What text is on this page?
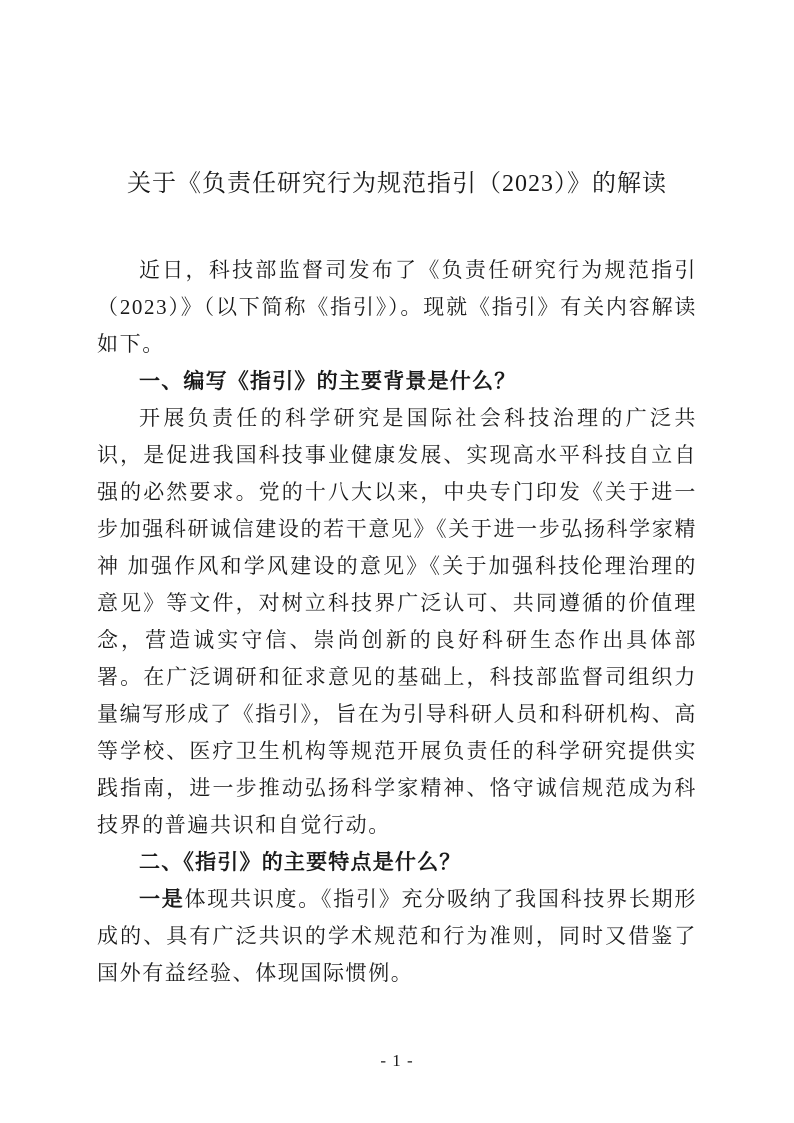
关于《负责任研究行为规范指引（2023）》的解读

近日，科技部监督司发布了《负责任研究行为规范指引（2023）》（以下简称《指引》）。现就《指引》有关内容解读如下。

一、编写《指引》的主要背景是什么？

开展负责任的科学研究是国际社会科技治理的广泛共识，是促进我国科技事业健康发展、实现高水平科技自立自强的必然要求。党的十八大以来，中央专门印发《关于进一步加强科研诚信建设的若干意见》《关于进一步弘扬科学家精神 加强作风和学风建设的意见》《关于加强科技伦理治理的意见》等文件，对树立科技界广泛认可、共同遵循的价值理念，营造诚实守信、崇尚创新的良好科研生态作出具体部署。在广泛调研和征求意见的基础上，科技部监督司组织力量编写形成了《指引》，旨在为引导科研人员和科研机构、高等学校、医疗卫生机构等规范开展负责任的科学研究提供实践指南，进一步推动弘扬科学家精神、恪守诚信规范成为科技界的普遍共识和自觉行动。

二、《指引》的主要特点是什么？

一是体现共识度。《指引》充分吸纳了我国科技界长期形成的、具有广泛共识的学术规范和行为准则，同时又借鉴了国外有益经验、体现国际惯例。

- 1 -
